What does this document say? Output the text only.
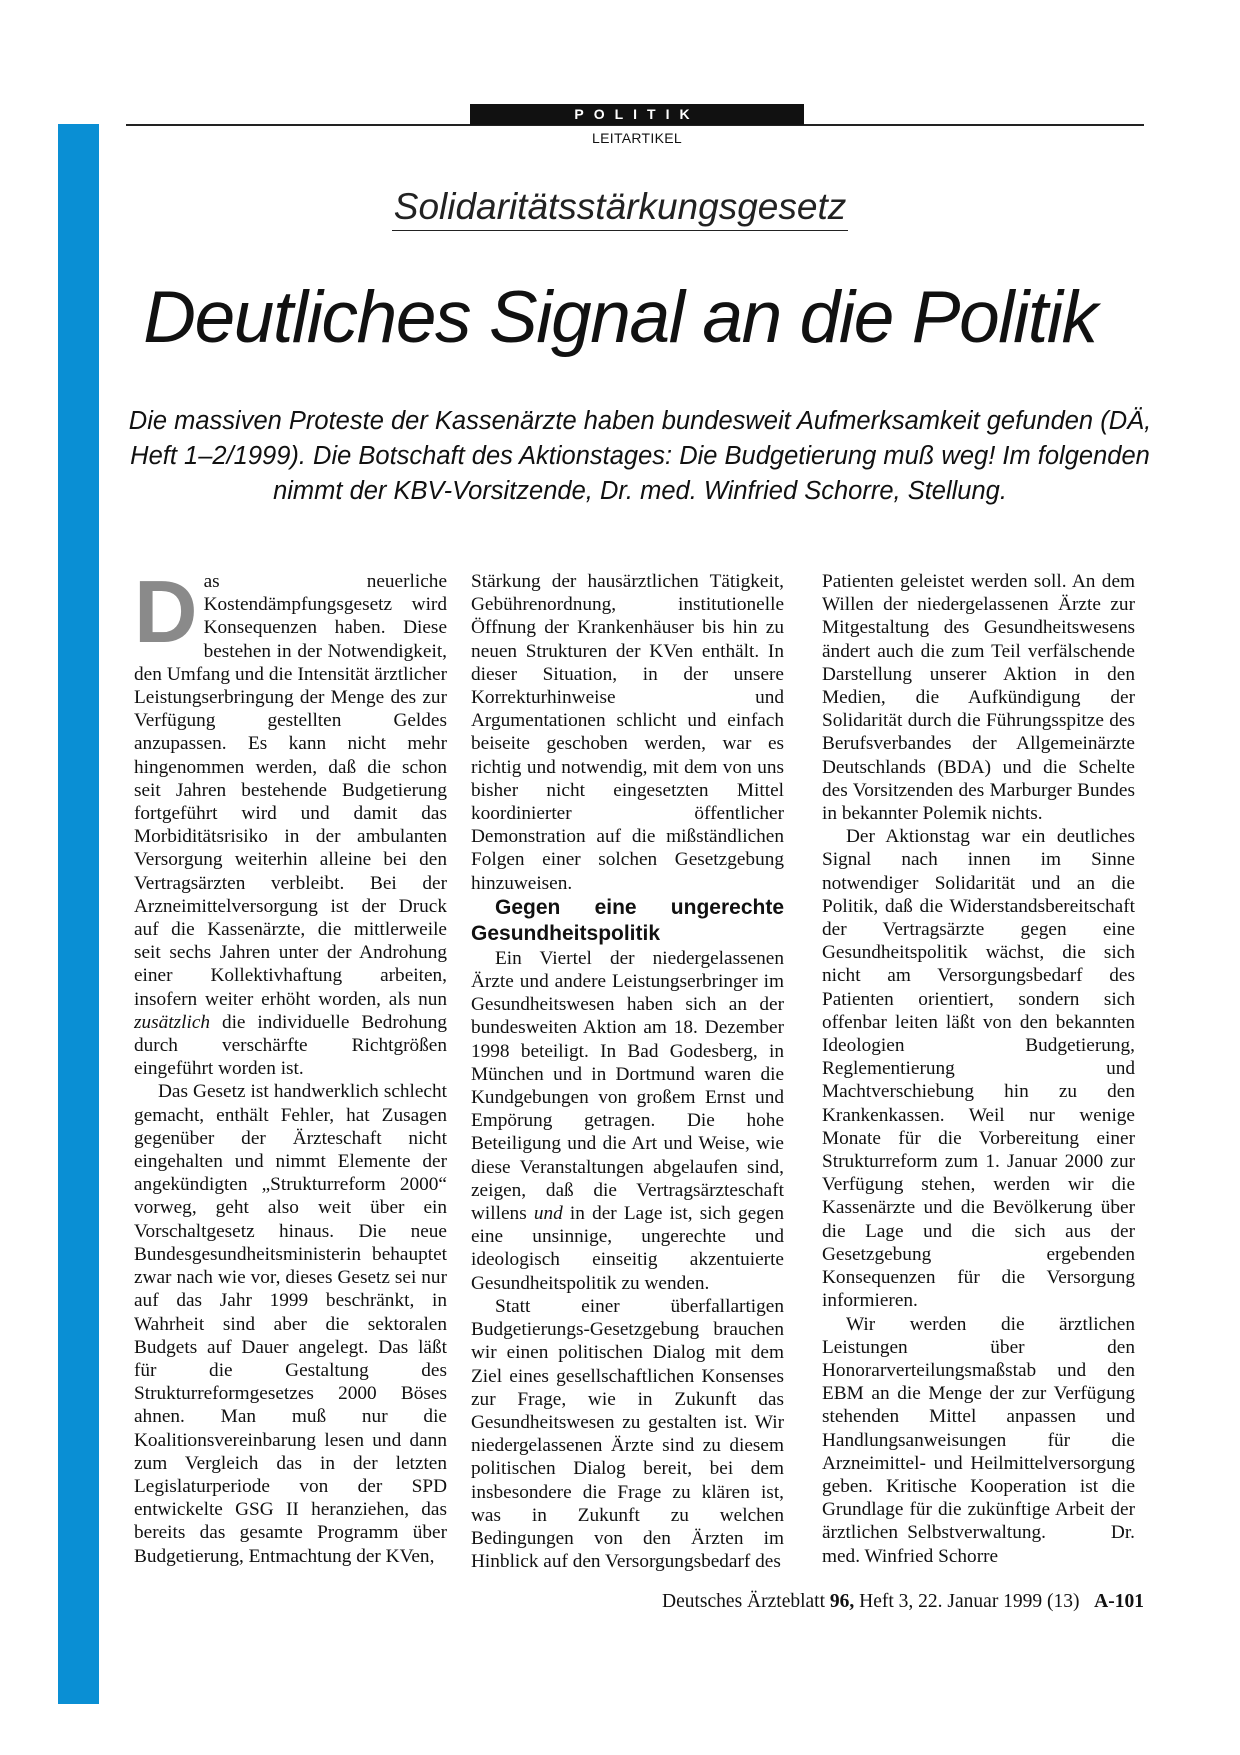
POLITIK
LEITARTIKEL
Solidaritätsstärkungsgesetz
Deutliches Signal an die Politik
Die massiven Proteste der Kassenärzte haben bundesweit Aufmerksamkeit gefunden (DÄ, Heft 1–2/1999). Die Botschaft des Aktionstages: Die Budgetierung muß weg! Im folgenden nimmt der KBV-Vorsitzende, Dr. med. Winfried Schorre, Stellung.

Das neuerliche Kostendämpfungsgesetz wird Konsequenzen haben. Diese bestehen in der Notwendigkeit, den Umfang und die Intensität ärztlicher Leistungserbringung der Menge des zur Verfügung gestellten Geldes anzupassen. Es kann nicht mehr hingenommen werden, daß die schon seit Jahren bestehende Budgetierung fortgeführt wird und damit das Morbiditätsrisiko in der ambulanten Versorgung weiterhin alleine bei den Vertragsärzten verbleibt. Bei der Arzneimittelversorgung ist der Druck auf die Kassenärzte, die mittlerweile seit sechs Jahren unter der Androhung einer Kollektivhaftung arbeiten, insofern weiter erhöht worden, als nun zusätzlich die individuelle Bedrohung durch verschärfte Richtgrößen eingeführt worden ist.

Das Gesetz ist handwerklich schlecht gemacht, enthält Fehler, hat Zusagen gegenüber der Ärzteschaft nicht eingehalten und nimmt Elemente der angekündigten „Strukturreform 2000“ vorweg, geht also weit über ein Vorschaltgesetz hinaus. Die neue Bundesgesundheitsministerin behauptet zwar nach wie vor, dieses Gesetz sei nur auf das Jahr 1999 beschränkt, in Wahrheit sind aber die sektoralen Budgets auf Dauer angelegt. Das läßt für die Gestaltung des Strukturreformgesetzes 2000 Böses ahnen. Man muß nur die Koalitionsvereinbarung lesen und dann zum Vergleich das in der letzten Legislaturperiode von der SPD entwickelte GSG II heranziehen, das bereits das gesamte Programm über Budgetierung, Entmachtung der KVen,

Stärkung der hausärztlichen Tätigkeit, Gebührenordnung, institutionelle Öffnung der Krankenhäuser bis hin zu neuen Strukturen der KVen enthält. In dieser Situation, in der unsere Korrekturhinweise und Argumentationen schlicht und einfach beiseite geschoben werden, war es richtig und notwendig, mit dem von uns bisher nicht eingesetzten Mittel koordinierter öffentlicher Demonstration auf die mißständlichen Folgen einer solchen Gesetzgebung hinzuweisen.

Gegen eine ungerechte Gesundheitspolitik

Ein Viertel der niedergelassenen Ärzte und andere Leistungserbringer im Gesundheitswesen haben sich an der bundesweiten Aktion am 18. Dezember 1998 beteiligt. In Bad Godesberg, in München und in Dortmund waren die Kundgebungen von großem Ernst und Empörung getragen. Die hohe Beteiligung und die Art und Weise, wie diese Veranstaltungen abgelaufen sind, zeigen, daß die Vertragsärzteschaft willens und in der Lage ist, sich gegen eine unsinnige, ungerechte und ideologisch einseitig akzentuierte Gesundheitspolitik zu wenden.

Statt einer überfallartigen Budgetierungs-Gesetzgebung brauchen wir einen politischen Dialog mit dem Ziel eines gesellschaftlichen Konsenses zur Frage, wie in Zukunft das Gesundheitswesen zu gestalten ist. Wir niedergelassenen Ärzte sind zu diesem politischen Dialog bereit, bei dem insbesondere die Frage zu klären ist, was in Zukunft zu welchen Bedingungen von den Ärzten im Hinblick auf den Versorgungsbedarf des

Patienten geleistet werden soll. An dem Willen der niedergelassenen Ärzte zur Mitgestaltung des Gesundheitswesens ändert auch die zum Teil verfälschende Darstellung unserer Aktion in den Medien, die Aufkündigung der Solidarität durch die Führungsspitze des Berufsverbandes der Allgemeinärzte Deutschlands (BDA) und die Schelte des Vorsitzenden des Marburger Bundes in bekannter Polemik nichts.

Der Aktionstag war ein deutliches Signal nach innen im Sinne notwendiger Solidarität und an die Politik, daß die Widerstandsbereitschaft der Vertragsärzte gegen eine Gesundheitspolitik wächst, die sich nicht am Versorgungsbedarf des Patienten orientiert, sondern sich offenbar leiten läßt von den bekannten Ideologien Budgetierung, Reglementierung und Machtverschiebung hin zu den Krankenkassen. Weil nur wenige Monate für die Vorbereitung einer Strukturreform zum 1. Januar 2000 zur Verfügung stehen, werden wir die Kassenärzte und die Bevölkerung über die Lage und die sich aus der Gesetzgebung ergebenden Konsequenzen für die Versorgung informieren.

Wir werden die ärztlichen Leistungen über den Honorarverteilungsmaßstab und den EBM an die Menge der zur Verfügung stehenden Mittel anpassen und Handlungsanweisungen für die Arzneimittel- und Heilmittelversorgung geben. Kritische Kooperation ist die Grundlage für die zukünftige Arbeit der ärztlichen Selbstverwaltung.       Dr. med. Winfried Schorre

Deutsches Ärzteblatt 96, Heft 3, 22. Januar 1999 (13) A-101
